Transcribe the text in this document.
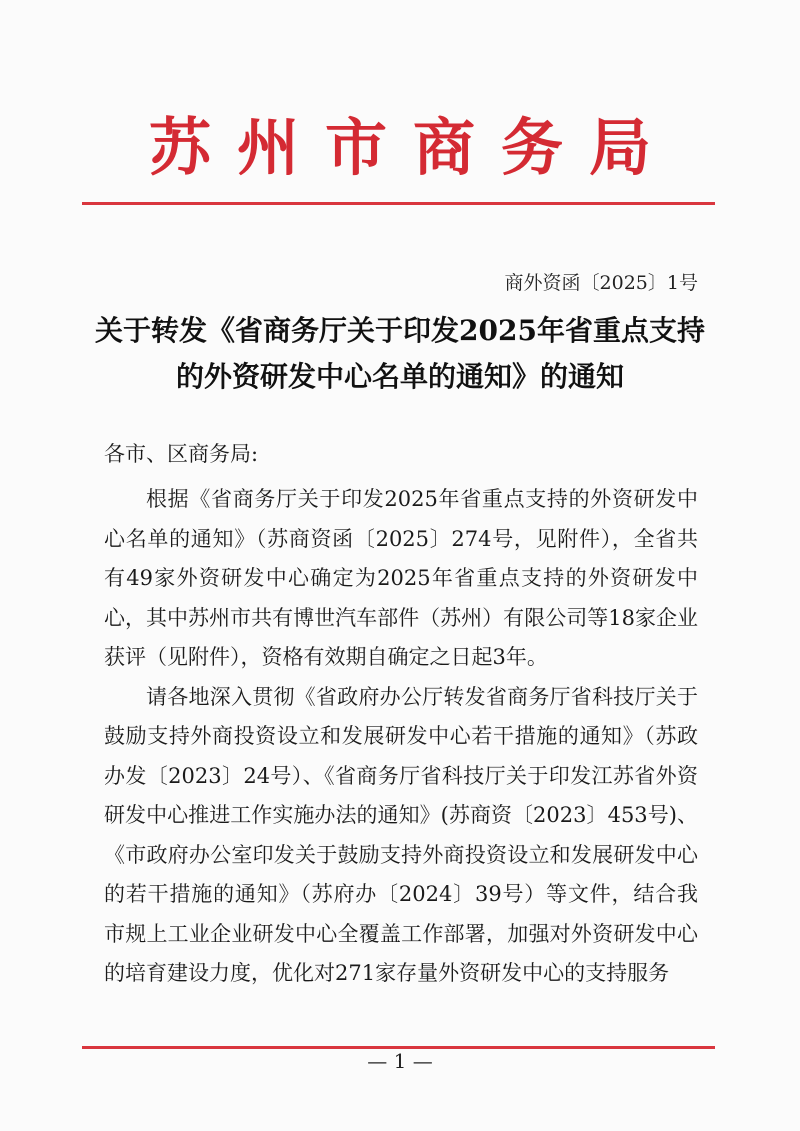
苏州市商务局
商外资函〔2025〕1号
关于转发《省商务厅关于印发2025年省重点支持的外资研发中心名单的通知》的通知
各市、区商务局:

根据《省商务厅关于印发2025年省重点支持的外资研发中心名单的通知》（苏商资函〔2025〕274号，见附件），全省共有49家外资研发中心确定为2025年省重点支持的外资研发中心，其中苏州市共有博世汽车部件（苏州）有限公司等18家企业获评（见附件），资格有效期自确定之日起3年。

请各地深入贯彻《省政府办公厅转发省商务厅省科技厅关于鼓励支持外商投资设立和发展研发中心若干措施的通知》（苏政办发〔2023〕24号）、《省商务厅省科技厅关于印发江苏省外资研发中心推进工作实施办法的通知》(苏商资〔2023〕453号)、《市政府办公室印发关于鼓励支持外商投资设立和发展研发中心的若干措施的通知》（苏府办〔2024〕39号）等文件，结合我市规上工业企业研发中心全覆盖工作部署，加强对外资研发中心的培育建设力度，优化对271家存量外资研发中心的支持服务

— 1 —
